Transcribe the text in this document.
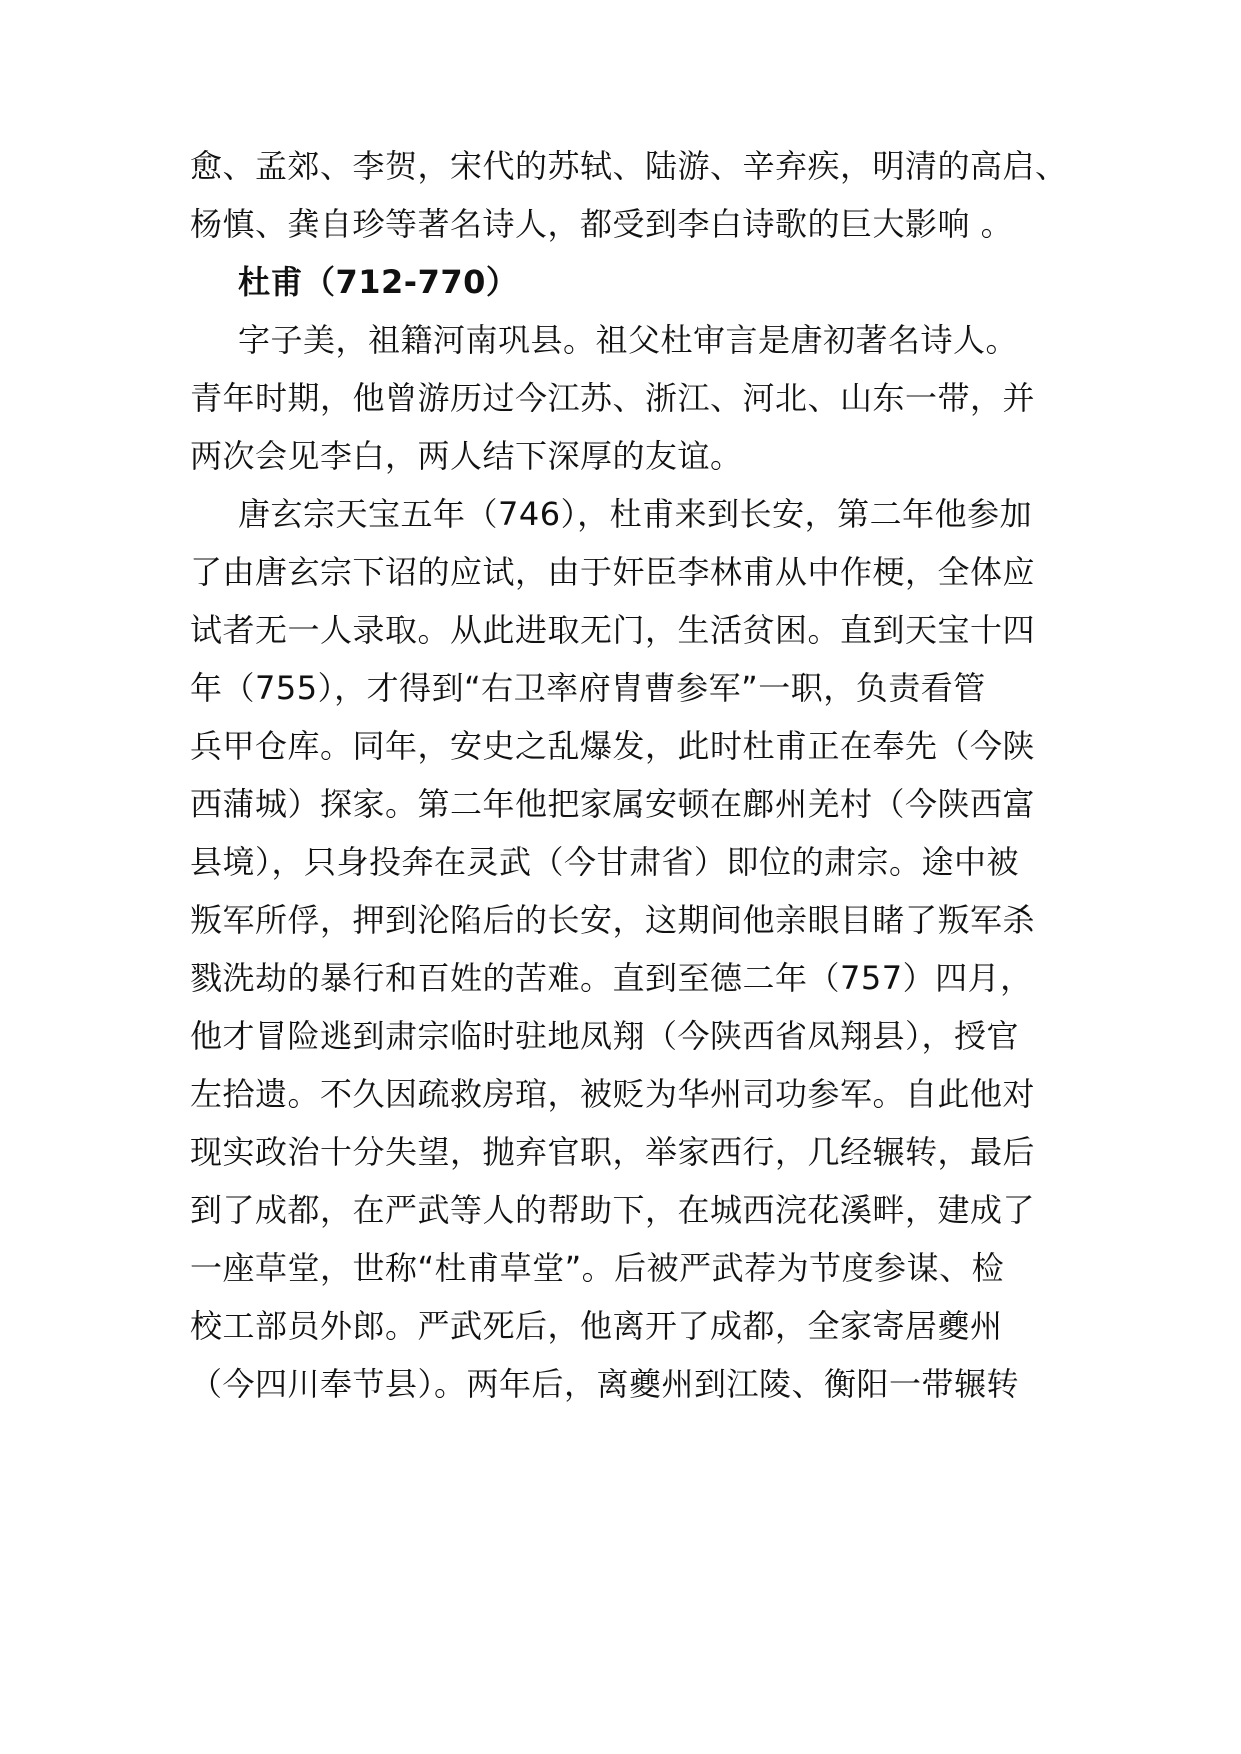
愈、孟郊、李贺，宋代的苏轼、陆游、辛弃疾，明清的高启、
杨慎、龚自珍等著名诗人，都受到李白诗歌的巨大影响 。
杜甫（712-770）
字子美，祖籍河南巩县。祖父杜审言是唐初著名诗人。
青年时期，他曾游历过今江苏、浙江、河北、山东一带，并
两次会见李白，两人结下深厚的友谊。
唐玄宗天宝五年（746），杜甫来到长安，第二年他参加
了由唐玄宗下诏的应试，由于奸臣李林甫从中作梗，全体应
试者无一人录取。从此进取无门，生活贫困。直到天宝十四
年（755），才得到“右卫率府胄曹参军”一职，负责看管
兵甲仓库。同年，安史之乱爆发，此时杜甫正在奉先（今陕
西蒲城）探家。第二年他把家属安顿在鄜州羌村（今陕西富
县境），只身投奔在灵武（今甘肃省）即位的肃宗。途中被
叛军所俘，押到沦陷后的长安，这期间他亲眼目睹了叛军杀
戮洗劫的暴行和百姓的苦难。直到至德二年（757）四月，
他才冒险逃到肃宗临时驻地凤翔（今陕西省凤翔县），授官
左拾遗。不久因疏救房琯，被贬为华州司功参军。自此他对
现实政治十分失望，抛弃官职，举家西行，几经辗转，最后
到了成都，在严武等人的帮助下，在城西浣花溪畔，建成了
一座草堂，世称“杜甫草堂”。后被严武荐为节度参谋、检
校工部员外郎。严武死后，他离开了成都，全家寄居夔州
（今四川奉节县）。两年后，离夔州到江陵、衡阳一带辗转
